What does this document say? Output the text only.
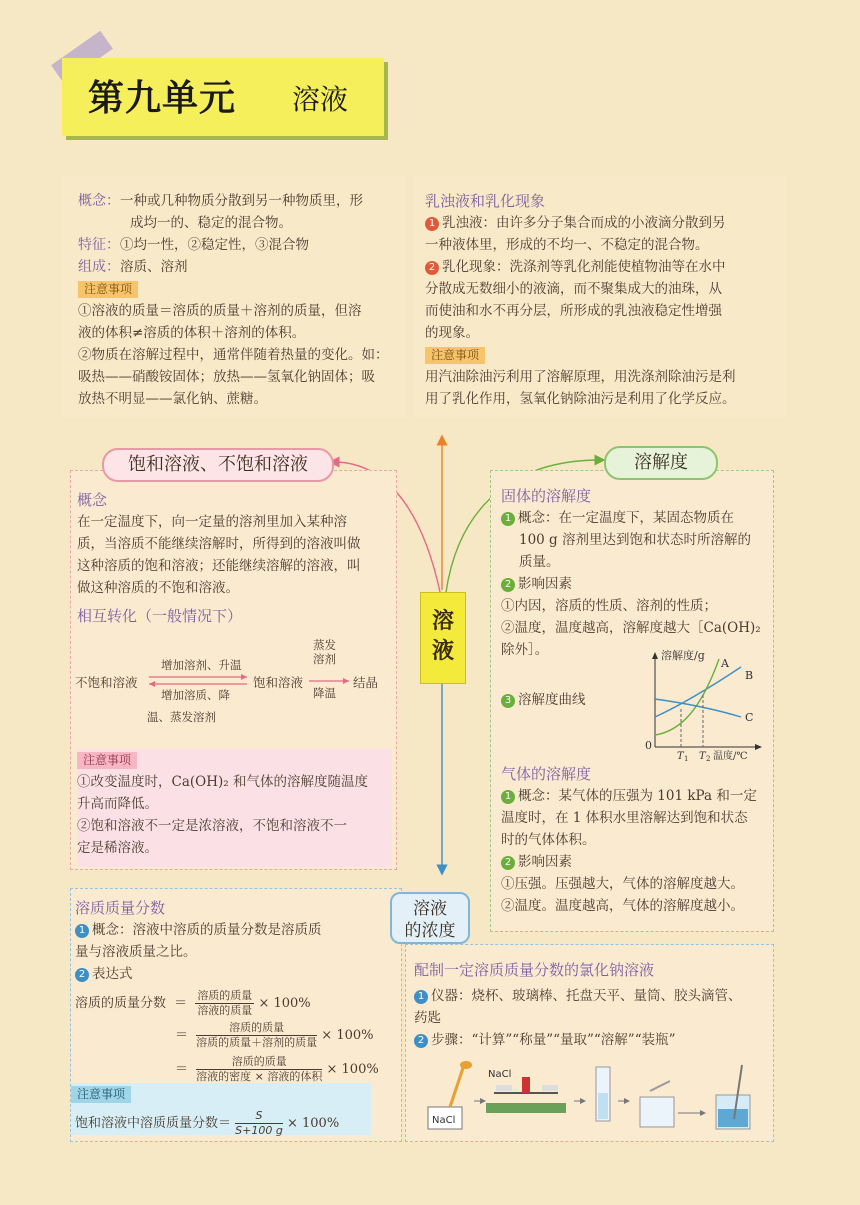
第九单元 溶液

概念：一种或几种物质分散到另一种物质里，形

成均一的、稳定的混合物。

特征：①均一性，②稳定性，③混合物

组成：溶质、溶剂

注意事项

①溶液的质量＝溶质的质量＋溶剂的质量，但溶

液的体积≠溶质的体积＋溶剂的体积。

②物质在溶解过程中，通常伴随着热量的变化。如：

吸热——硝酸铵固体；放热——氢氧化钠固体；吸

放热不明显——氯化钠、蔗糖。

乳浊液和乳化现象

1 乳浊液：由许多分子集合而成的小液滴分散到另

一种液体里，形成的不均一、不稳定的混合物。

2 乳化现象：洗涤剂等乳化剂能使植物油等在水中

分散成无数细小的液滴，而不聚集成大的油珠，从

而使油和水不再分层，所形成的乳浊液稳定性增强

的现象。

注意事项

用汽油除油污利用了溶解原理，用洗涤剂除油污是利

用了乳化作用，氢氧化钠除油污是利用了化学反应。

溶
液

概念

在一定温度下，向一定量的溶剂里加入某种溶

质，当溶质不能继续溶解时，所得到的溶液叫做

这种溶质的饱和溶液；还能继续溶解的溶液，叫

做这种溶质的不饱和溶液。

相互转化（一般情况下）

不饱和溶液
增加溶剂、升温
增加溶质、降
温、蒸发溶剂
饱和溶液
蒸发
溶剂
降温
结晶
注意事项

①改变温度时，Ca(OH)₂ 和气体的溶解度随温度

升高而降低。

②饱和溶液不一定是浓溶液，不饱和溶液不一

定是稀溶液。

饱和溶液、不饱和溶液

固体的溶解度

1 概念：在一定温度下，某固态物质在

100 g 溶剂里达到饱和状态时所溶解的

质量。

2 影响因素

①内因，溶质的性质、溶剂的性质；

②温度，温度越高，溶解度越大［Ca(OH)₂

除外］。

3 溶解度曲线

溶解度/g
A
B
C
0
T 1 T 2 温度/℃

气体的溶解度

1 概念：某气体的压强为 101 kPa 和一定

温度时，在 1 体积水里溶解达到饱和状态

时的气体体积。

2 影响因素

①压强。压强越大，气体的溶解度越大。

②温度。温度越高，气体的溶解度越小。

溶解度

溶质质量分数

1 概念：溶液中溶质的质量分数是溶质质

量与溶液质量之比。

2 表达式

溶质的质量分数 ＝ $\frac{\text{溶质的质量}}{\text{溶液的质量}} \times 100\%$
＝ $\frac{\text{溶质的质量}}{\text{溶质的质量＋溶剂的质量}} \times 100\%$
＝ $\frac{\text{溶质的质量}}{\text{溶液的密度 × 溶液的体积}} \times 100\%$
注意事项
饱和溶液中溶质质量分数＝ $\frac{S}{S+100 g} \times 100\%$
溶液
的浓度

配制一定溶质质量分数的氯化钠溶液

1 仪器：烧杯、玻璃棒、托盘天平、量筒、胶头滴管、

药匙

2 步骤：“计算”“称量”“量取”“溶解”“装瓶”

NaCl
NaCl
